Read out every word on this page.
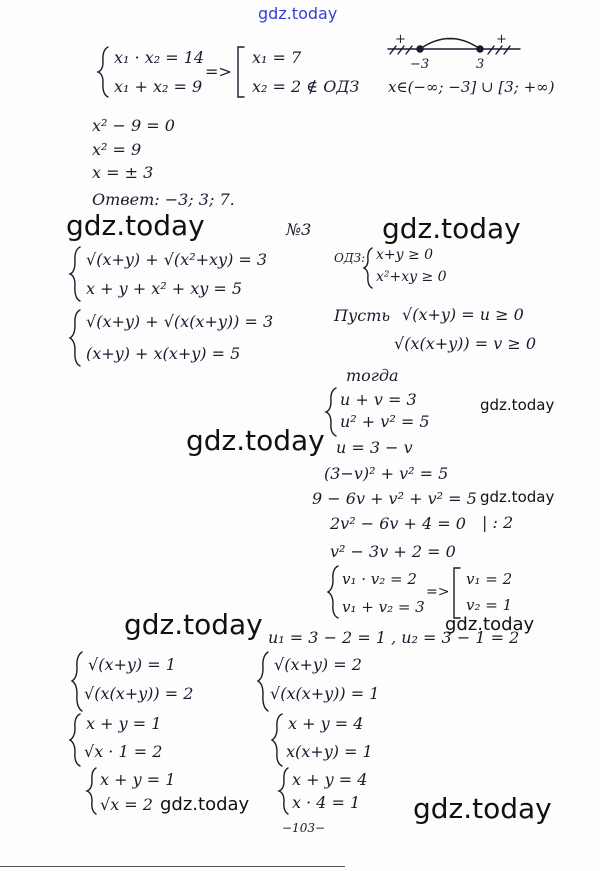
gdz.today
x₁ · x₂ = 14
x₁ + x₂ = 9
=>
x₁ = 7
x₂ = 2 ∉ ОДЗ
+	−	+
−3	3
x∈(−∞; −3] ∪ [3; +∞)
x² − 9 = 0
x² = 9
x = ± 3
Ответ: −3; 3; 7.
gdz.today	gdz.today
№3
√(x+y) + √(x²+xy) = 3
x + y + x² + xy = 5
√(x+y) + √(x(x+y)) = 3
(x+y) + x(x+y) = 5
ОДЗ: x+y ≥ 0
x²+xy ≥ 0
Пусть √(x+y) = u ≥ 0
√(x(x+y)) = v ≥ 0
тогда
u + v = 3
u² + v² = 5
u = 3 − v
(3−v)² + v² = 5
9 − 6v + v² + v² = 5
2v² − 6v + 4 = 0 | : 2
v² − 3v + 2 = 0
v₁ · v₂ = 2
v₁ + v₂ = 3
=>
v₁ = 2
v₂ = 1
u₁ = 3 − 2 = 1 , u₂ = 3 − 1 = 2
gdz.today
gdz.today
gdz.today
gdz.today	gdz.today
√(x+y) = 1
√(x(x+y)) = 2
x + y = 1
√x · 1 = 2
x + y = 1
√x = 2
√(x+y) = 2
√(x(x+y)) = 1
x + y = 4
x(x+y) = 1
x + y = 4
x · 4 = 1
gdz.today	gdz.today
−103−
